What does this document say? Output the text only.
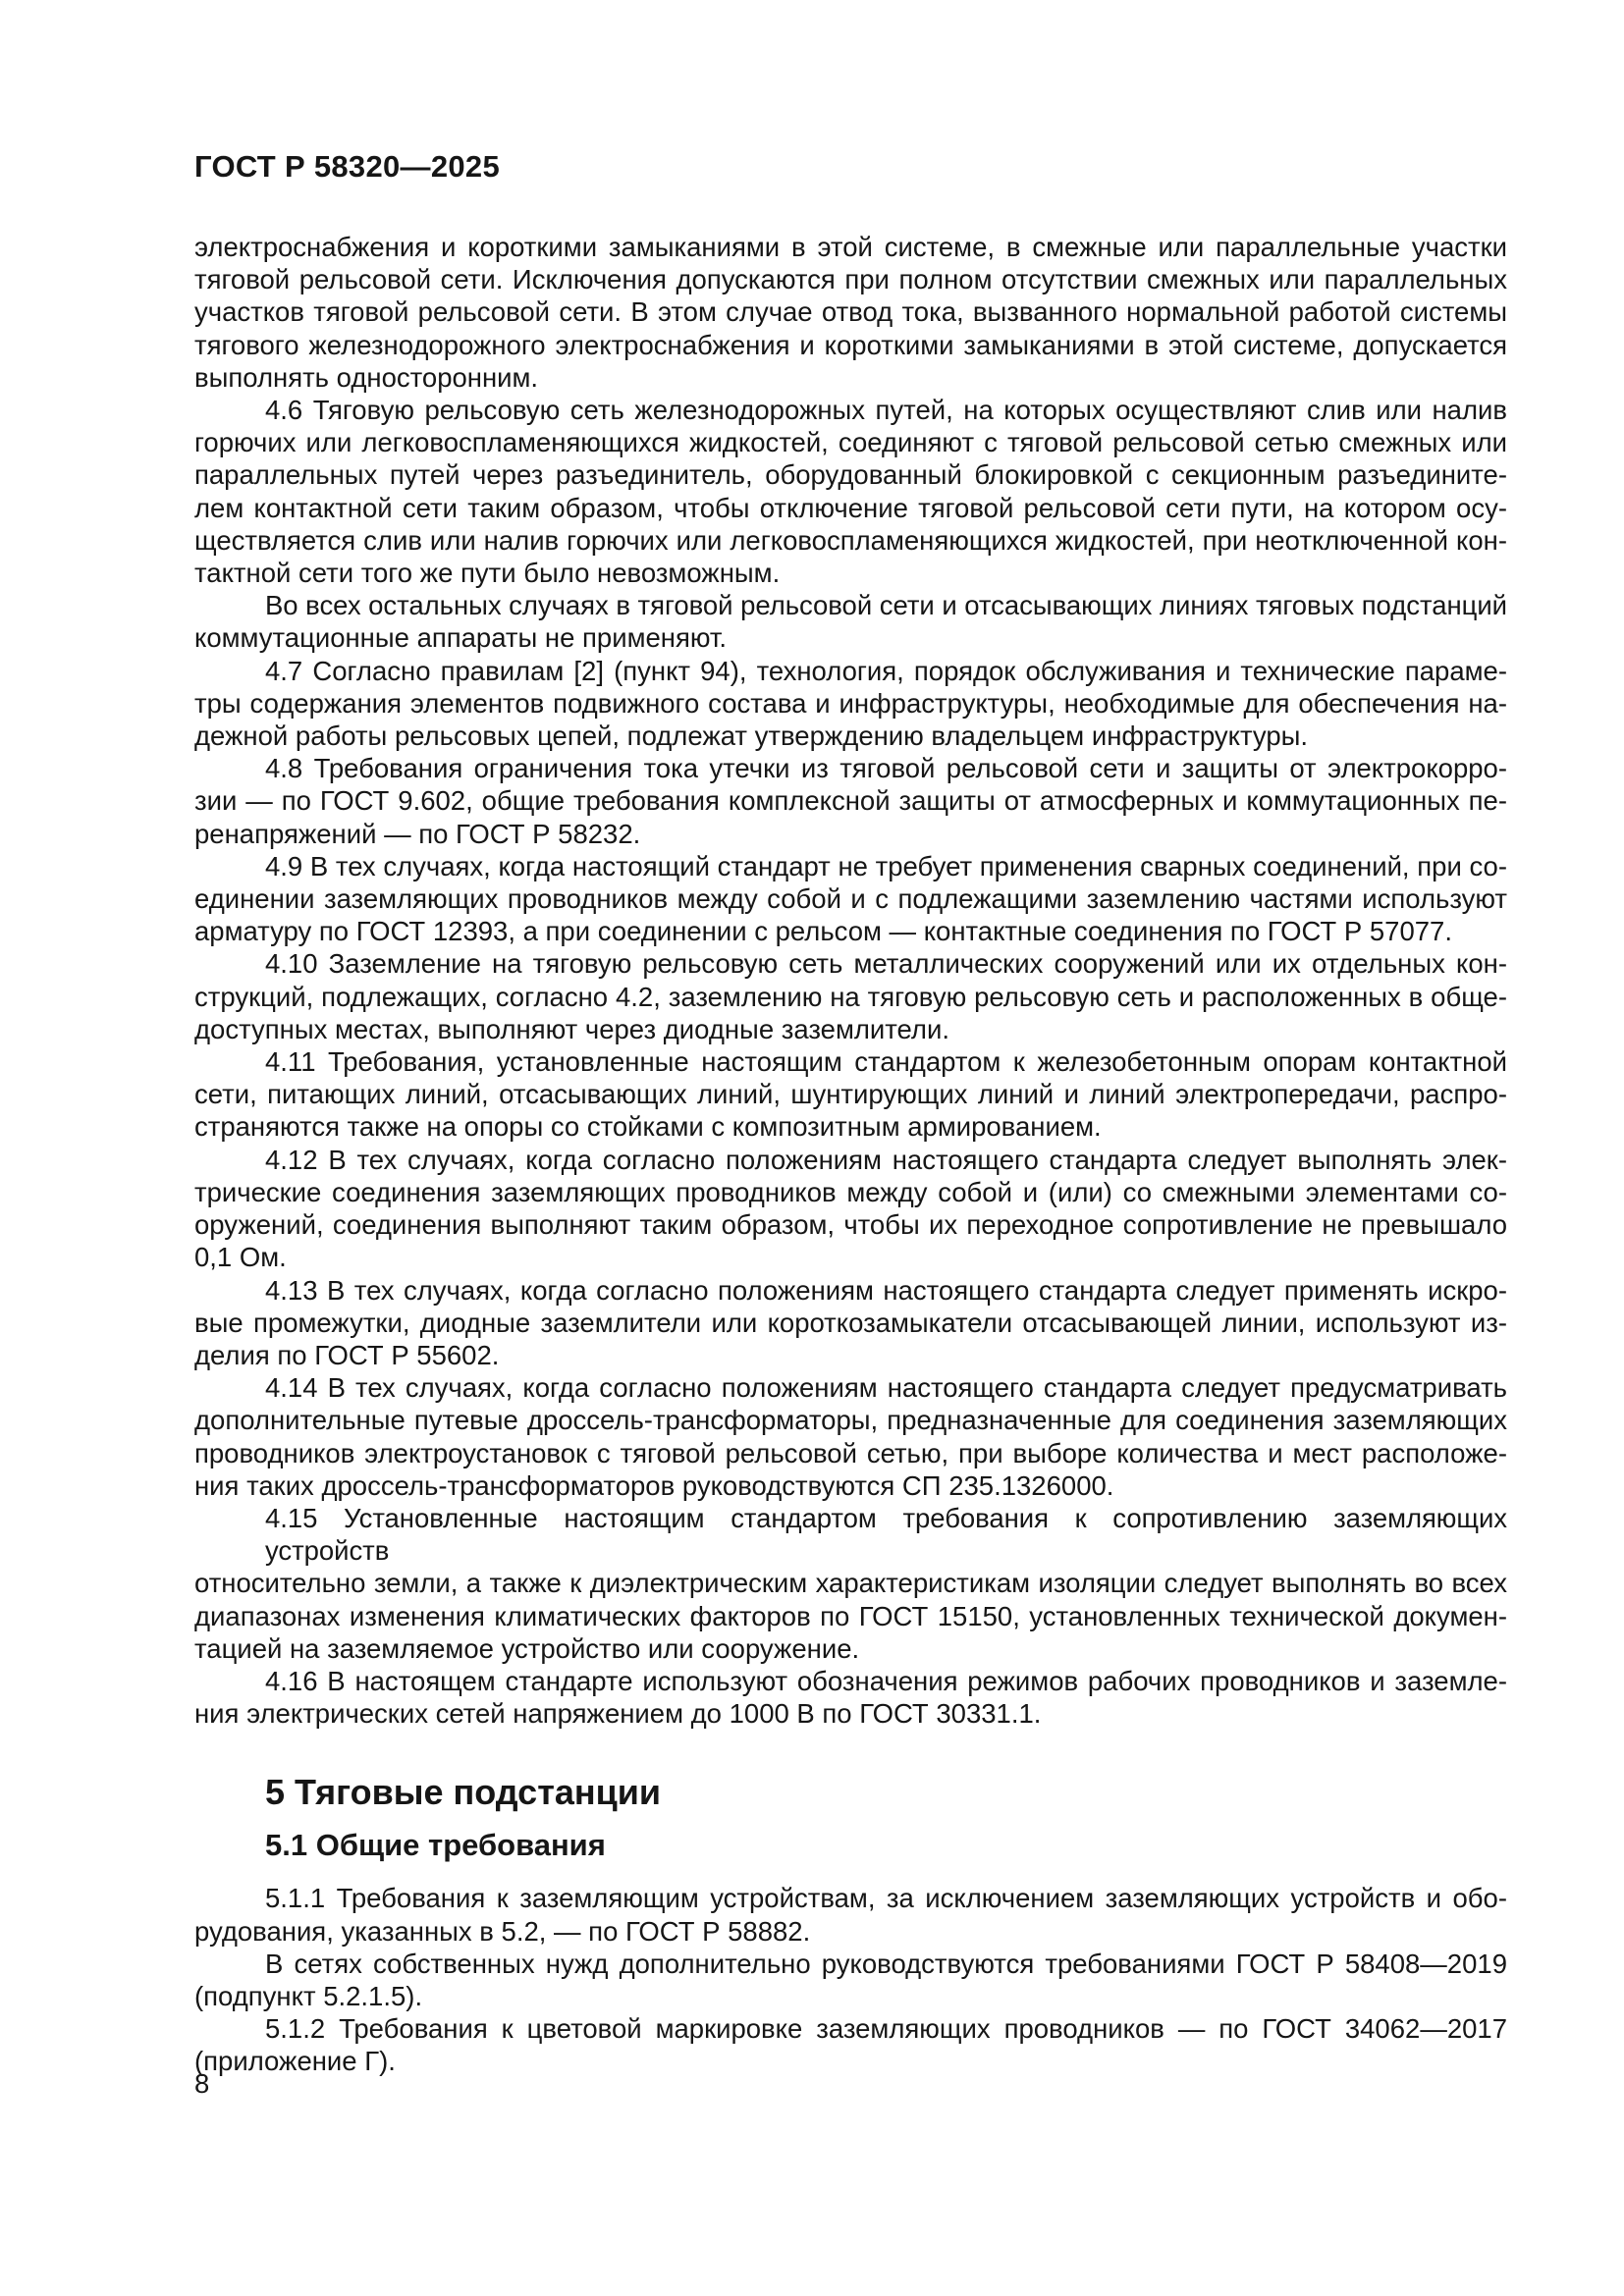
ГОСТ Р 58320—2025
электроснабжения и короткими замыканиями в этой системе, в смежные или параллельные участки
тяговой рельсовой сети. Исключения допускаются при полном отсутствии смежных или параллельных
участков тяговой рельсовой сети. В этом случае отвод тока, вызванного нормальной работой системы
тягового железнодорожного электроснабжения и короткими замыканиями в этой системе, допускается
выполнять односторонним.
4.6 Тяговую рельсовую сеть железнодорожных путей, на которых осуществляют слив или налив
горючих или легковоспламеняющихся жидкостей, соединяют с тяговой рельсовой сетью смежных или
параллельных путей через разъединитель, оборудованный блокировкой с секционным разъедините-
лем контактной сети таким образом, чтобы отключение тяговой рельсовой сети пути, на котором осу-
ществляется слив или налив горючих или легковоспламеняющихся жидкостей, при неотключенной кон-
тактной сети того же пути было невозможным.
Во всех остальных случаях в тяговой рельсовой сети и отсасывающих линиях тяговых подстанций
коммутационные аппараты не применяют.
4.7 Согласно правилам [2] (пункт 94), технология, порядок обслуживания и технические параме-
тры содержания элементов подвижного состава и инфраструктуры, необходимые для обеспечения на-
дежной работы рельсовых цепей, подлежат утверждению владельцем инфраструктуры.
4.8 Требования ограничения тока утечки из тяговой рельсовой сети и защиты от электрокорро-
зии — по ГОСТ 9.602, общие требования комплексной защиты от атмосферных и коммутационных пе-
ренапряжений — по ГОСТ Р 58232.
4.9 В тех случаях, когда настоящий стандарт не требует применения сварных соединений, при со-
единении заземляющих проводников между собой и с подлежащими заземлению частями используют
арматуру по ГОСТ 12393, а при соединении с рельсом — контактные соединения по ГОСТ Р 57077.
4.10 Заземление на тяговую рельсовую сеть металлических сооружений или их отдельных кон-
струкций, подлежащих, согласно 4.2, заземлению на тяговую рельсовую сеть и расположенных в обще-
доступных местах, выполняют через диодные заземлители.
4.11 Требования, установленные настоящим стандартом к железобетонным опорам контактной
сети, питающих линий, отсасывающих линий, шунтирующих линий и линий электропередачи, распро-
страняются также на опоры со стойками с композитным армированием.
4.12 В тех случаях, когда согласно положениям настоящего стандарта следует выполнять элек-
трические соединения заземляющих проводников между собой и (или) со смежными элементами со-
оружений, соединения выполняют таким образом, чтобы их переходное сопротивление не превышало
0,1 Ом.
4.13 В тех случаях, когда согласно положениям настоящего стандарта следует применять искро-
вые промежутки, диодные заземлители или короткозамыкатели отсасывающей линии, используют из-
делия по ГОСТ Р 55602.
4.14 В тех случаях, когда согласно положениям настоящего стандарта следует предусматривать
дополнительные путевые дроссель-трансформаторы, предназначенные для соединения заземляющих
проводников электроустановок с тяговой рельсовой сетью, при выборе количества и мест расположе-
ния таких дроссель-трансформаторов руководствуются СП 235.1326000.
4.15 Установленные настоящим стандартом требования к сопротивлению заземляющих устройств
относительно земли, а также к диэлектрическим характеристикам изоляции следует выполнять во всех
диапазонах изменения климатических факторов по ГОСТ 15150, установленных технической докумен-
тацией на заземляемое устройство или сооружение.
4.16 В настоящем стандарте используют обозначения режимов рабочих проводников и заземле-
ния электрических сетей напряжением до 1000 В по ГОСТ 30331.1.
5 Тяговые подстанции
5.1 Общие требования
5.1.1 Требования к заземляющим устройствам, за исключением заземляющих устройств и обо-
рудования, указанных в 5.2, — по ГОСТ Р 58882.
В сетях собственных нужд дополнительно руководствуются требованиями ГОСТ Р 58408—2019
(подпункт 5.2.1.5).
5.1.2 Требования к цветовой маркировке заземляющих проводников — по ГОСТ 34062—2017
(приложение Г).
8
